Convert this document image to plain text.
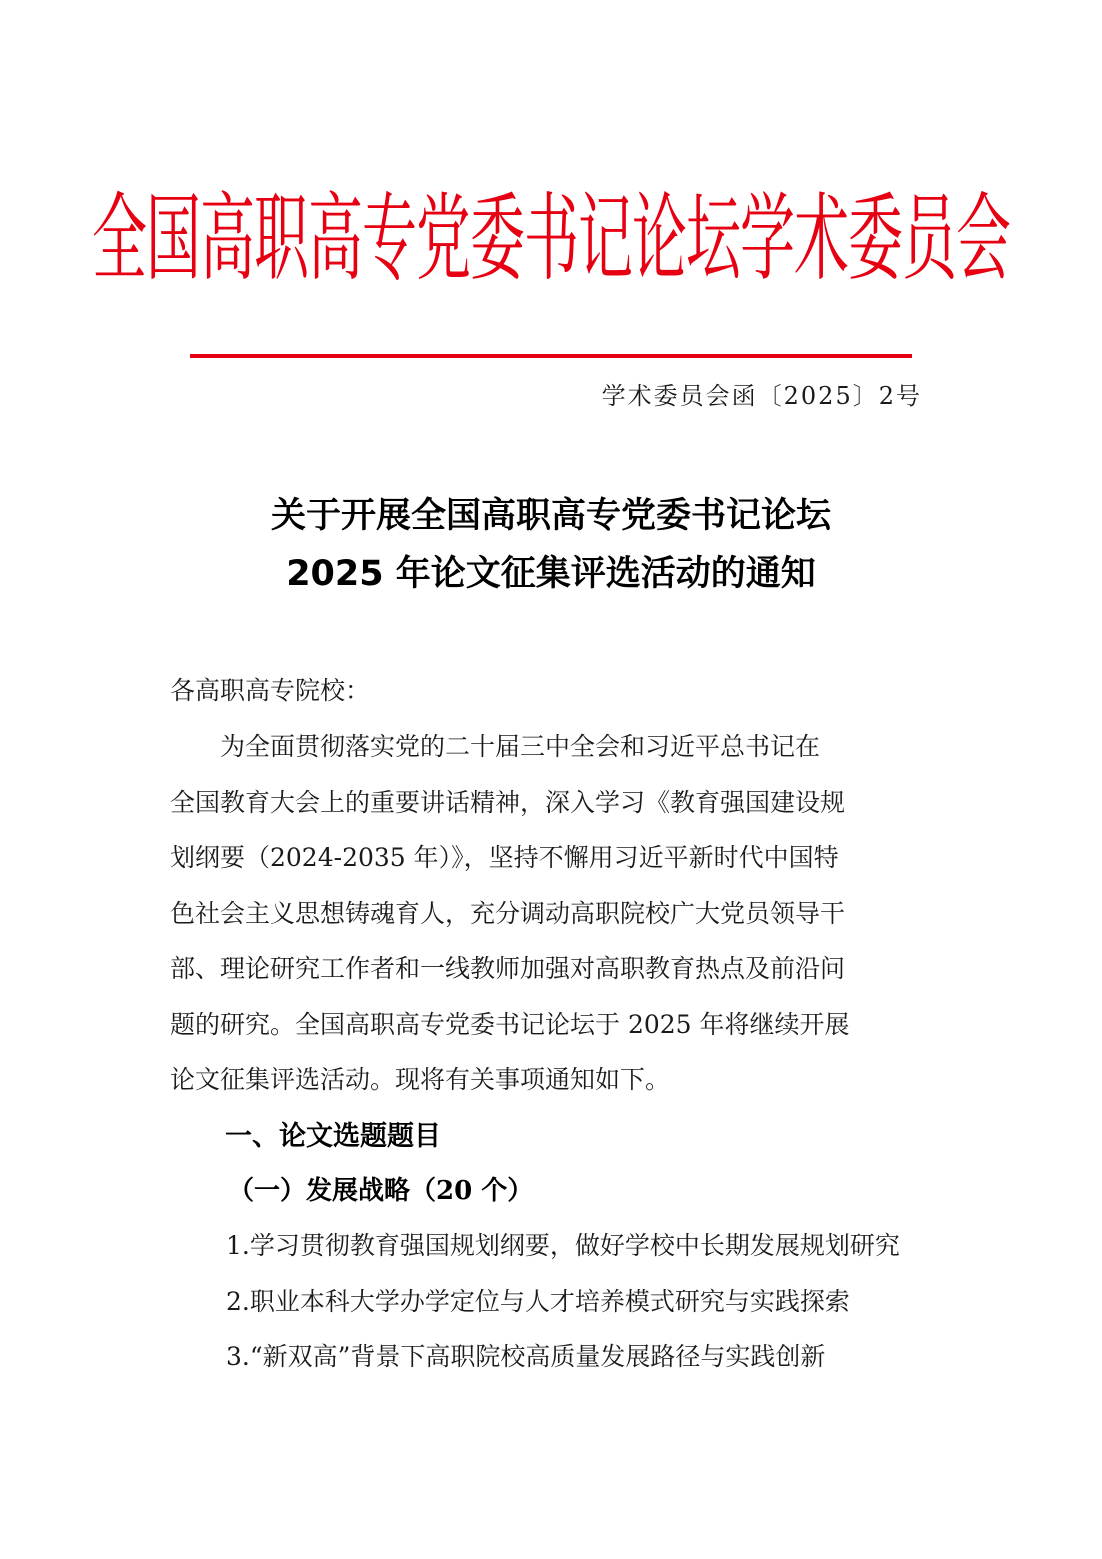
全国高职高专党委书记论坛学术委员会
学术委员会函〔2025〕2号
关于开展全国高职高专党委书记论坛
2025 年论文征集评选活动的通知
各高职高专院校：
　　为全面贯彻落实党的二十届三中全会和习近平总书记在
全国教育大会上的重要讲话精神，深入学习《教育强国建设规
划纲要（2024-2035 年）》，坚持不懈用习近平新时代中国特
色社会主义思想铸魂育人，充分调动高职院校广大党员领导干
部、理论研究工作者和一线教师加强对高职教育热点及前沿问
题的研究。全国高职高专党委书记论坛于 2025 年将继续开展
论文征集评选活动。现将有关事项通知如下。
一、论文选题题目
（一）发展战略（20 个）
1.学习贯彻教育强国规划纲要，做好学校中长期发展规划研究
2.职业本科大学办学定位与人才培养模式研究与实践探索
3.“新双高”背景下高职院校高质量发展路径与实践创新
